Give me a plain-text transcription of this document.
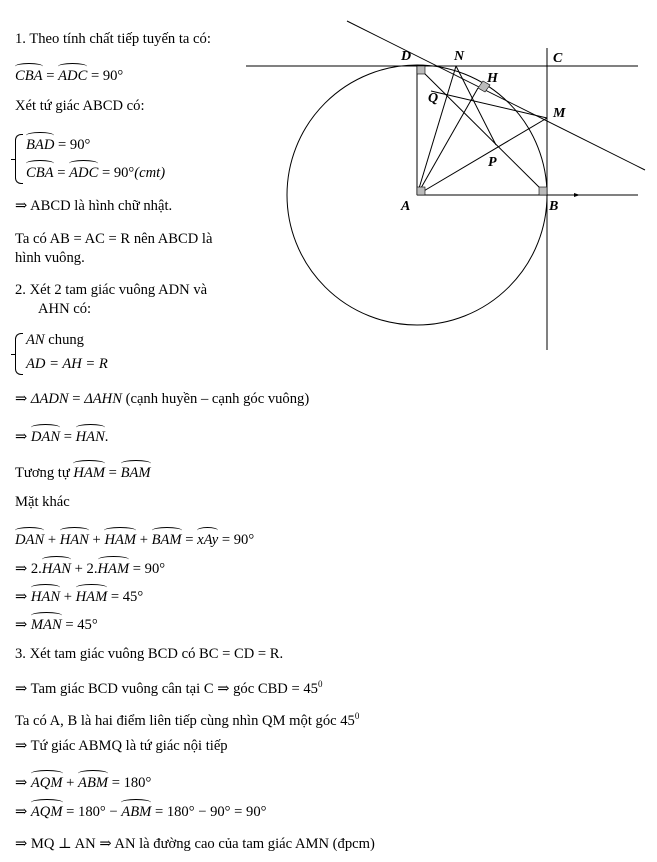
1. Theo tính chất tiếp tuyến ta có:
CBA = ADC = 90°
Xét tứ giác ABCD có:
BAD = 90°
CBA = ADC = 90°(cmt)
⇒ ABCD là hình chữ nhật.
Ta có AB = AC = R nên ABCD là
hình vuông.
2. Xét 2 tam giác vuông ADN và
AHN có:
AN chung
AD = AH = R
⇒ ΔADN = ΔAHN (cạnh huyền – cạnh góc vuông)
⇒ DAN = HAN.
Tương tự HAM = BAM
Mặt khác
DAN + HAN + HAM + BAM = xAy = 90°
⇒ 2.HAN + 2.HAM = 90°
⇒ HAN + HAM = 45°
⇒ MAN = 45°
3. Xét tam giác vuông BCD có BC = CD = R.
⇒ Tam giác BCD vuông cân tại C ⇒ góc CBD = $45^0$
Ta có A, B là hai điểm liên tiếp cùng nhìn QM một góc $45^0$
⇒ Tứ giác ABMQ là tứ giác nội tiếp
⇒ AQM + ABM = 180°
⇒ AQM = 180° − ABM = 180° − 90° = 90°
⇒ MQ ⊥ AN ⇒ AN là đường cao của tam giác AMN (đpcm)
D	N	C
H
Q
M
P
A	B
